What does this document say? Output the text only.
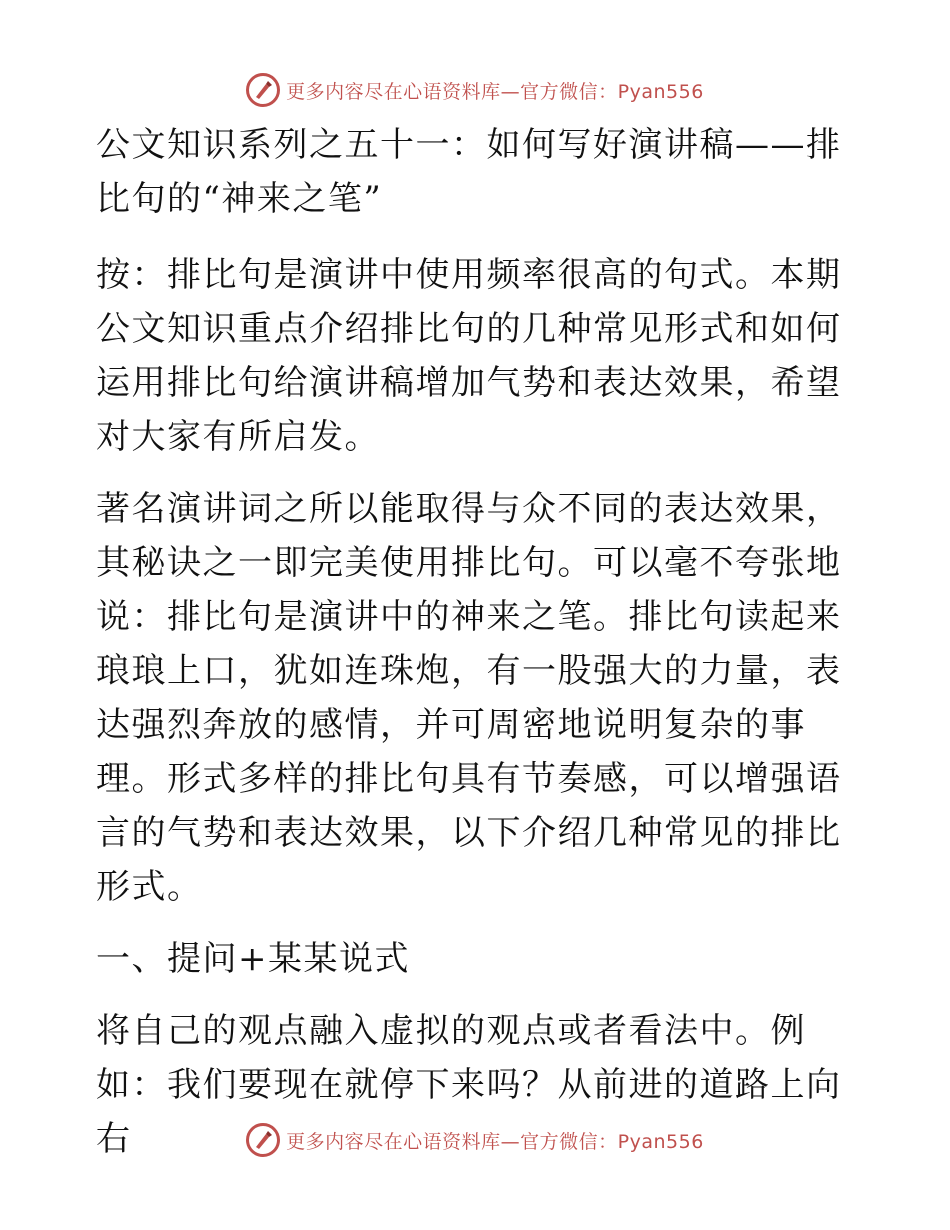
更多内容尽在心语资料库—官方微信：Pyan556

公文知识系列之五十一：如何写好演讲稿——排比句的“神来之笔”

按：排比句是演讲中使用频率很高的句式。本期公文知识重点介绍排比句的几种常见形式和如何运用排比句给演讲稿增加气势和表达效果，希望对大家有所启发。

著名演讲词之所以能取得与众不同的表达效果，其秘诀之一即完美使用排比句。可以毫不夸张地说：排比句是演讲中的神来之笔。排比句读起来琅琅上口，犹如连珠炮，有一股强大的力量，表达强烈奔放的感情，并可周密地说明复杂的事理。形式多样的排比句具有节奏感，可以增强语言的气势和表达效果，以下介绍几种常见的排比形式。

一、提问+某某说式

将自己的观点融入虚拟的观点或者看法中。例如：我们要现在就停下来吗？从前进的道路上向右	更多内容尽在心语资料库—官方微信：Pyan556
